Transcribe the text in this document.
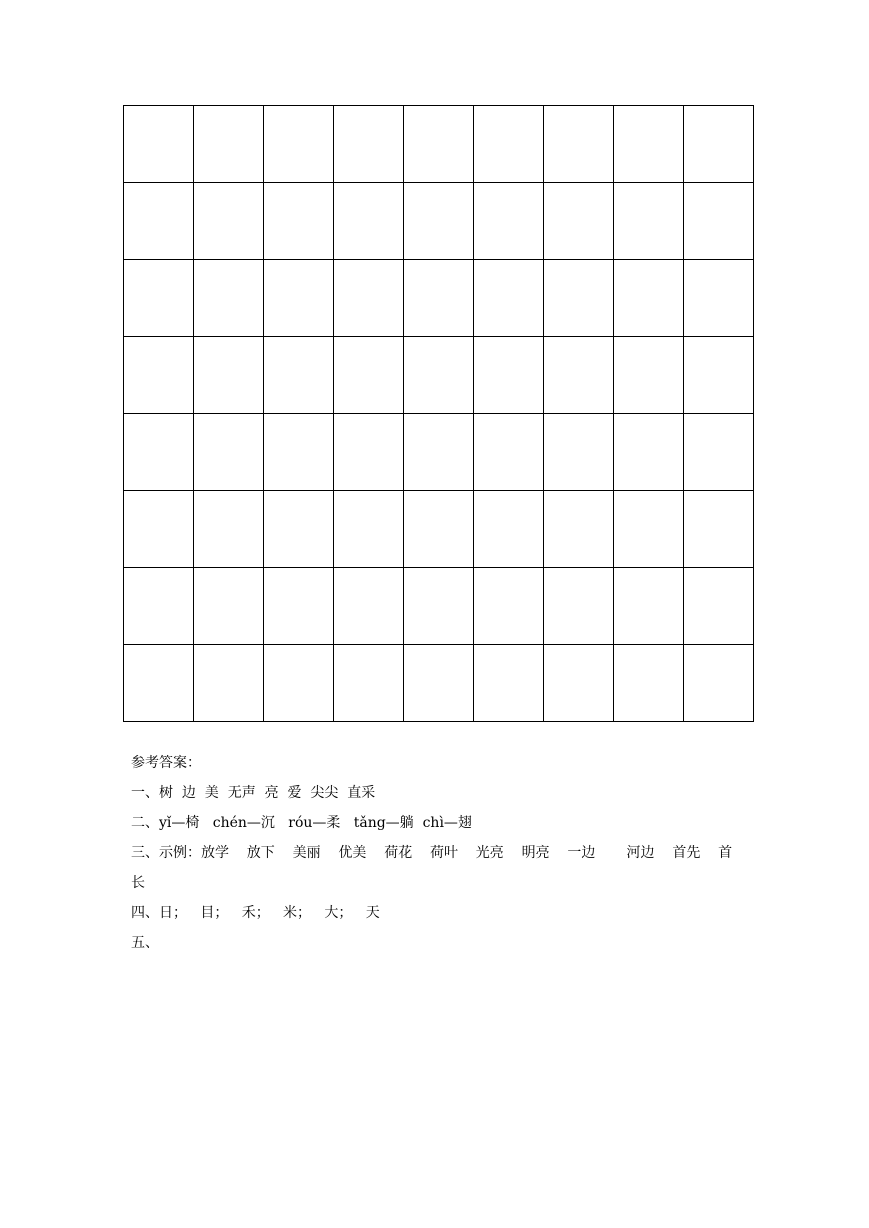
参考答案：

一、树  边  美  无声  亮  爱  尖尖  直采

二、yǐ—椅   chén—沉   róu—柔   tǎng—躺  chì—翅

三、示例：放学    放下    美丽    优美    荷花    荷叶    光亮    明亮    一边       河边    首先    首长

四、日；   目；   禾；   米；   大；   天

五、
